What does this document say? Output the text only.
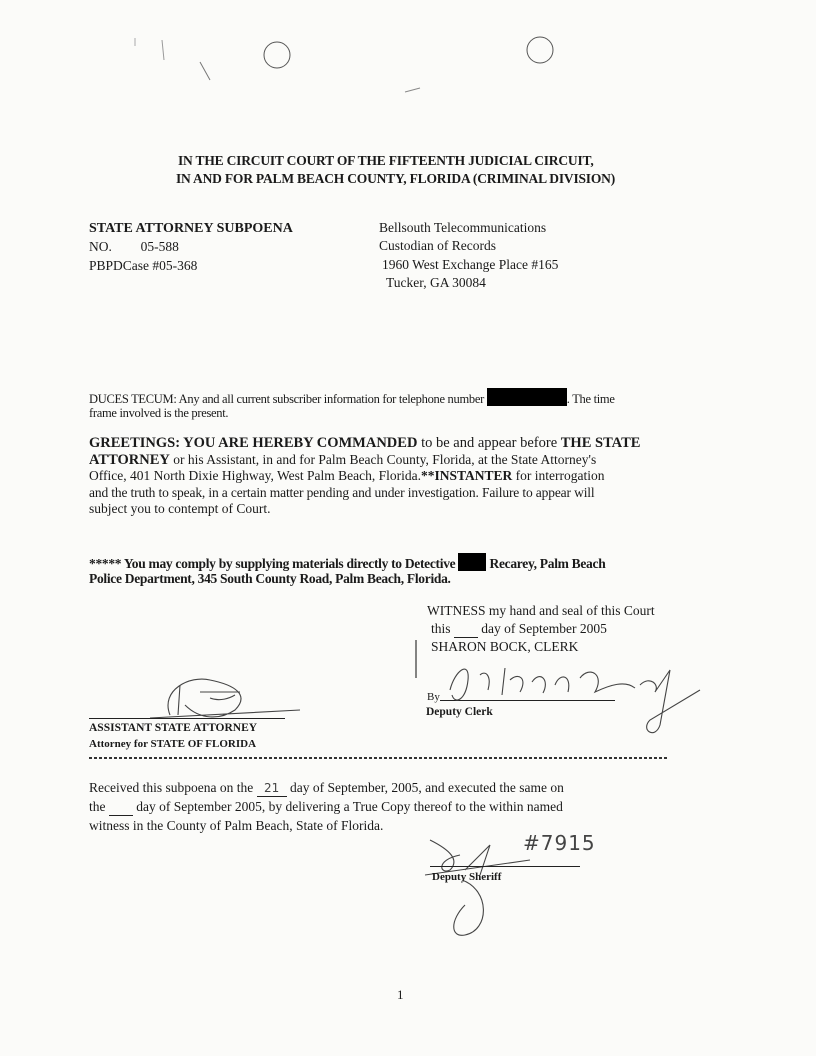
IN THE CIRCUIT COURT OF THE FIFTEENTH JUDICIAL CIRCUIT,
IN AND FOR PALM BEACH COUNTY, FLORIDA (CRIMINAL DIVISION)
STATE ATTORNEY SUBPOENA
NO. 05-588
PBPDCase #05-368
Bellsouth Telecommunications
Custodian of Records
1960 West Exchange Place #165
Tucker, GA 30084
DUCES TECUM: Any and all current subscriber information for telephone number	. The time
frame involved is the present.
GREETINGS: YOU ARE HEREBY COMMANDED to be and appear before THE STATE
ATTORNEY or his Assistant, in and for Palm Beach County, Florida, at the State Attorney's
Office, 401 North Dixie Highway, West Palm Beach, Florida.**INSTANTER for interrogation
and the truth to speak, in a certain matter pending and under investigation. Failure to appear will
subject you to contempt of Court.
***** You may comply by supplying materials directly to Detective	Recarey, Palm Beach
Police Department, 345 South County Road, Palm Beach, Florida.
WITNESS my hand and seal of this Court
this day of September 2005
SHARON BOCK, CLERK
By
Deputy Clerk
ASSISTANT STATE ATTORNEY
Attorney for STATE OF FLORIDA
Received this subpoena on the 21 day of September, 2005, and executed the same on
the day of September 2005, by delivering a True Copy thereof to the within named
witness in the County of Palm Beach, State of Florida.
#7915
Deputy Sheriff
1
